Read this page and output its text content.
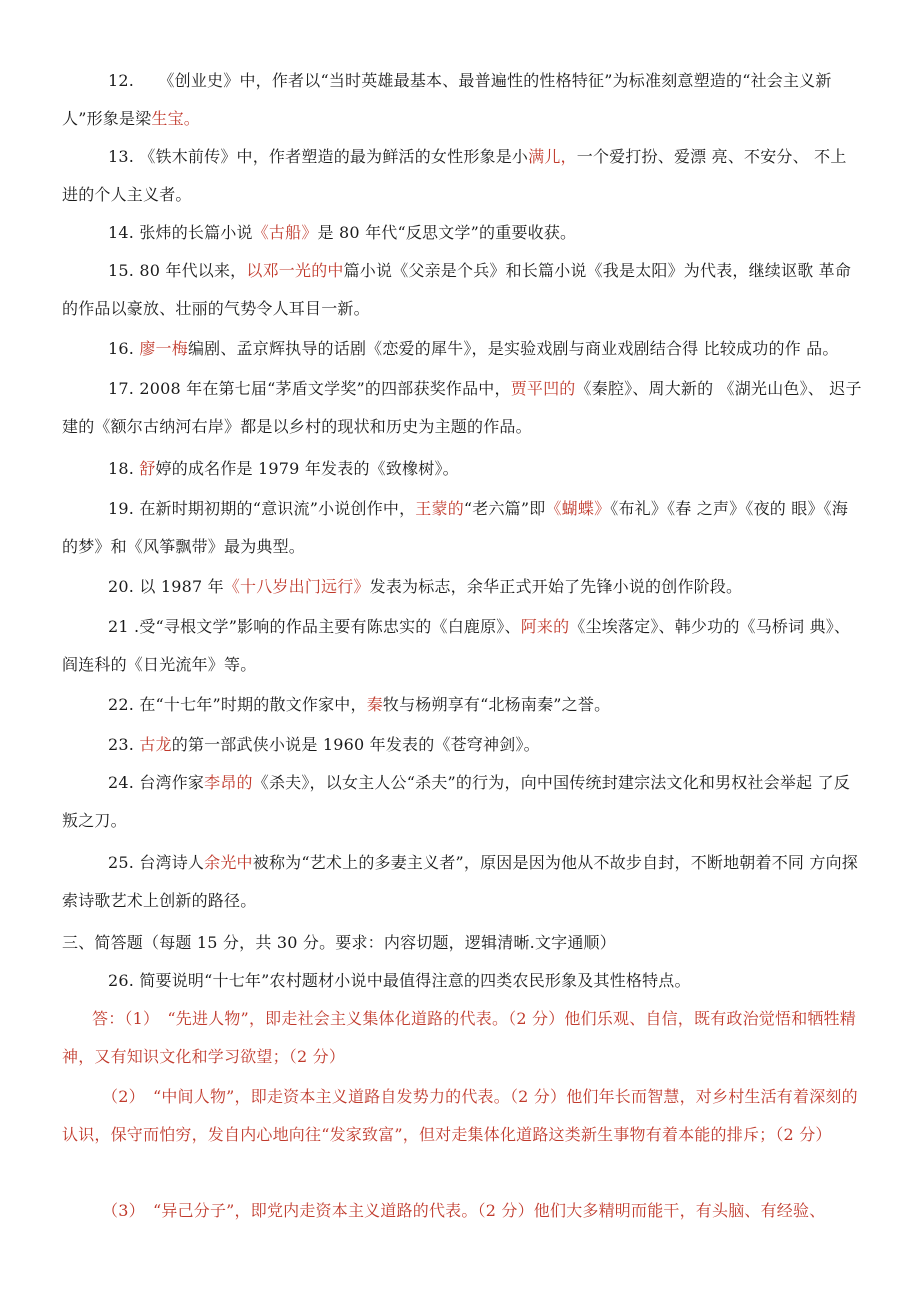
12.　　《创业史》中，作者以“当时英雄最基本、最普遍性的性格特征”为标准刻意塑造的“社会主义新人”形象是梁生宝。

13. 《铁木前传》中，作者塑造的最为鲜活的女性形象是小满儿，一个爱打扮、爱漂 亮、不安分、 不上进的个人主义者。

14. 张炜的长篇小说《古船》是 80 年代“反思文学”的重要收获。

15. 80 年代以来，以邓一光的中篇小说《父亲是个兵》和长篇小说《我是太阳》为代表，继续讴歌 革命的作品以豪放、壮丽的气势令人耳目一新。

16. 廖一梅编剧、孟京辉执导的话剧《恋爱的犀牛》，是实验戏剧与商业戏剧结合得 比较成功的作 品。

17. 2008 年在第七届“茅盾文学奖”的四部获奖作品中，贾平凹的《秦腔》、周大新的 《湖光山色》、 迟子建的《额尔古纳河右岸》都是以乡村的现状和历史为主题的作品。

18. 舒婷的成名作是 1979 年发表的《致橡树》。

19. 在新时期初期的“意识流”小说创作中，王蒙的“老六篇”即《蝴蝶》《布礼》《春 之声》《夜的 眼》《海的梦》和《风筝飘带》最为典型。

20. 以 1987 年《十八岁出门远行》发表为标志，余华正式开始了先锋小说的创作阶段。

21 .受“寻根文学”影响的作品主要有陈忠实的《白鹿原》、阿来的《尘埃落定》、韩少功的《马桥词 典》、阎连科的《日光流年》等。

22. 在“十七年”时期的散文作家中，秦牧与杨朔享有“北杨南秦”之誉。

23. 古龙的第一部武侠小说是 1960 年发表的《苍穹神剑》。

24. 台湾作家李昂的《杀夫》，以女主人公“杀夫”的行为，向中国传统封建宗法文化和男权社会举起 了反叛之刀。

25. 台湾诗人余光中被称为“艺术上的多妻主义者”，原因是因为他从不故步自封，不断地朝着不同 方向探索诗歌艺术上创新的路径。

三、简答题（每题 15 分，共 30 分。要求：内容切题，逻辑清晰.文字通顺）

26. 简要说明“十七年”农村题材小说中最值得注意的四类农民形象及其性格特点。

答：（1）　“先进人物”，即走社会主义集体化道路的代表。（2 分）他们乐观、自信，既有政治觉悟和牺牲精神，又有知识文化和学习欲望；（2 分）

（2）　“中间人物”，即走资本主义道路自发势力的代表。（2 分）他们年长而智慧，对乡村生活有着深刻的认识，保守而怕穷，发自内心地向往“发家致富”，但对走集体化道路这类新生事物有着本能的排斥；（2 分）

（3）　“异己分子”，即党内走资本主义道路的代表。（2 分）他们大多精明而能干，有头脑、有经验、
